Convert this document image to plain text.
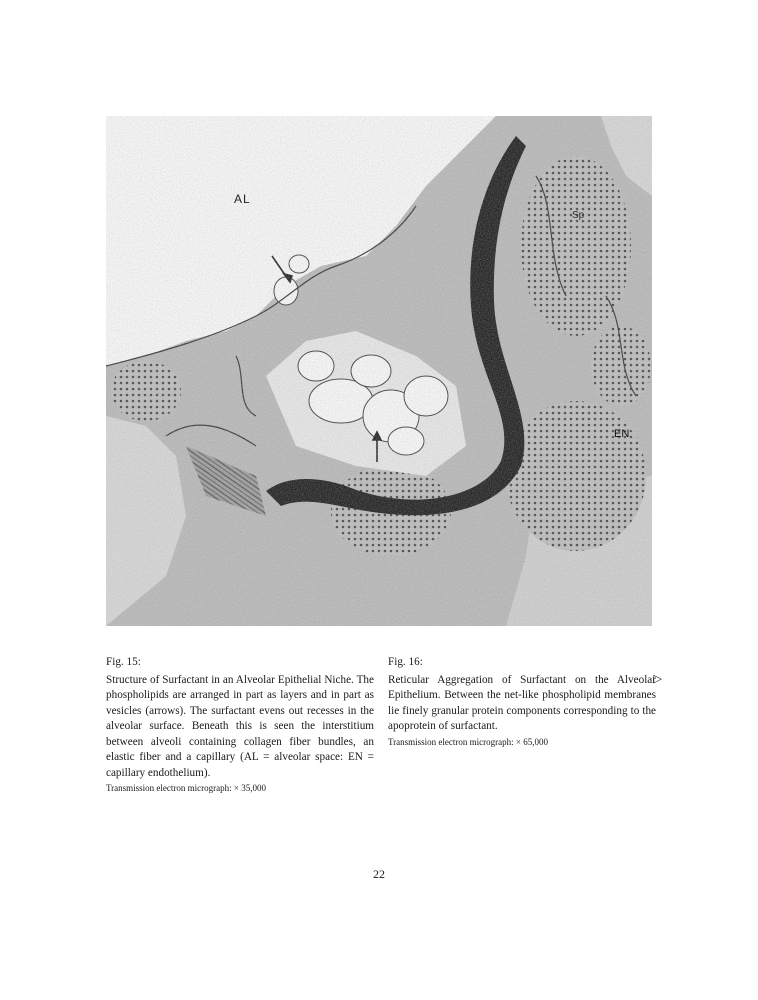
AL
Sp
EN
Fig. 15:
Structure of Surfactant in an Alveolar Epithelial Niche. The phospholipids are arranged in part as layers and in part as vesicles (arrows). The surfactant evens out recesses in the alveolar surface. Beneath this is seen the interstitium between alveoli containing collagen fiber bundles, an elastic fiber and a capillary (AL = alveolar space: EN = capillary endothelium).
Transmission electron micrograph: × 35,000
Fig. 16:
Reticular Aggregation of Surfactant on the Alveolar Epithelium. Between the net-like phospholipid membranes lie finely granular protein components corresponding to the apoprotein of surfactant.
Transmission electron micrograph: × 65,000
▷
22
